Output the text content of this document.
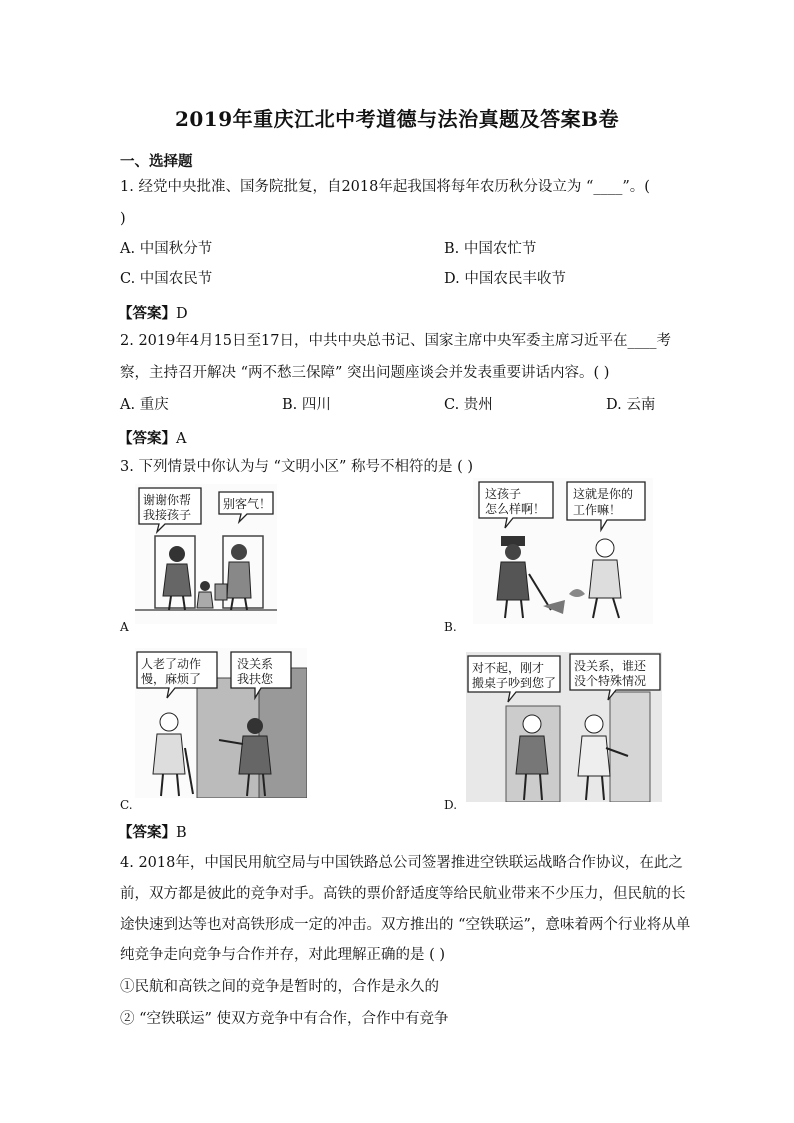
2019年重庆江北中考道德与法治真题及答案B卷
一、选择题
1. 经党中央批准、国务院批复，自2018年起我国将每年农历秋分设立为 “____”。(
)
A. 中国秋分节	B. 中国农忙节
C. 中国农民节	D. 中国农民丰收节
【答案】D
2. 2019年4月15日至17日，中共中央总书记、国家主席中央军委主席习近平在____考
察，主持召开解决 “两不愁三保障” 突出问题座谈会并发表重要讲话内容。( )
A. 重庆	B. 四川	C. 贵州	D. 云南
【答案】A
3. 下列情景中你认为与 “文明小区” 称号不相符的是 ( )
谢谢你帮
我接孩子
别客气！
A
这孩子
怎么样啊！
这就是你的
工作嘛！
B.
人老了动作
慢，麻烦了
没关系
我扶您
C.
对不起，刚才
搬桌子吵到您了
没关系，谁还
没个特殊情况
D.
【答案】B
4. 2018年，中国民用航空局与中国铁路总公司签署推进空铁联运战略合作协议，在此之
前，双方都是彼此的竞争对手。高铁的票价舒适度等给民航业带来不少压力，但民航的长
途快速到达等也对高铁形成一定的冲击。双方推出的 “空铁联运”，意味着两个行业将从单
纯竞争走向竞争与合作并存，对此理解正确的是 ( )
①民航和高铁之间的竞争是暂时的，合作是永久的
② “空铁联运” 使双方竞争中有合作，合作中有竞争
